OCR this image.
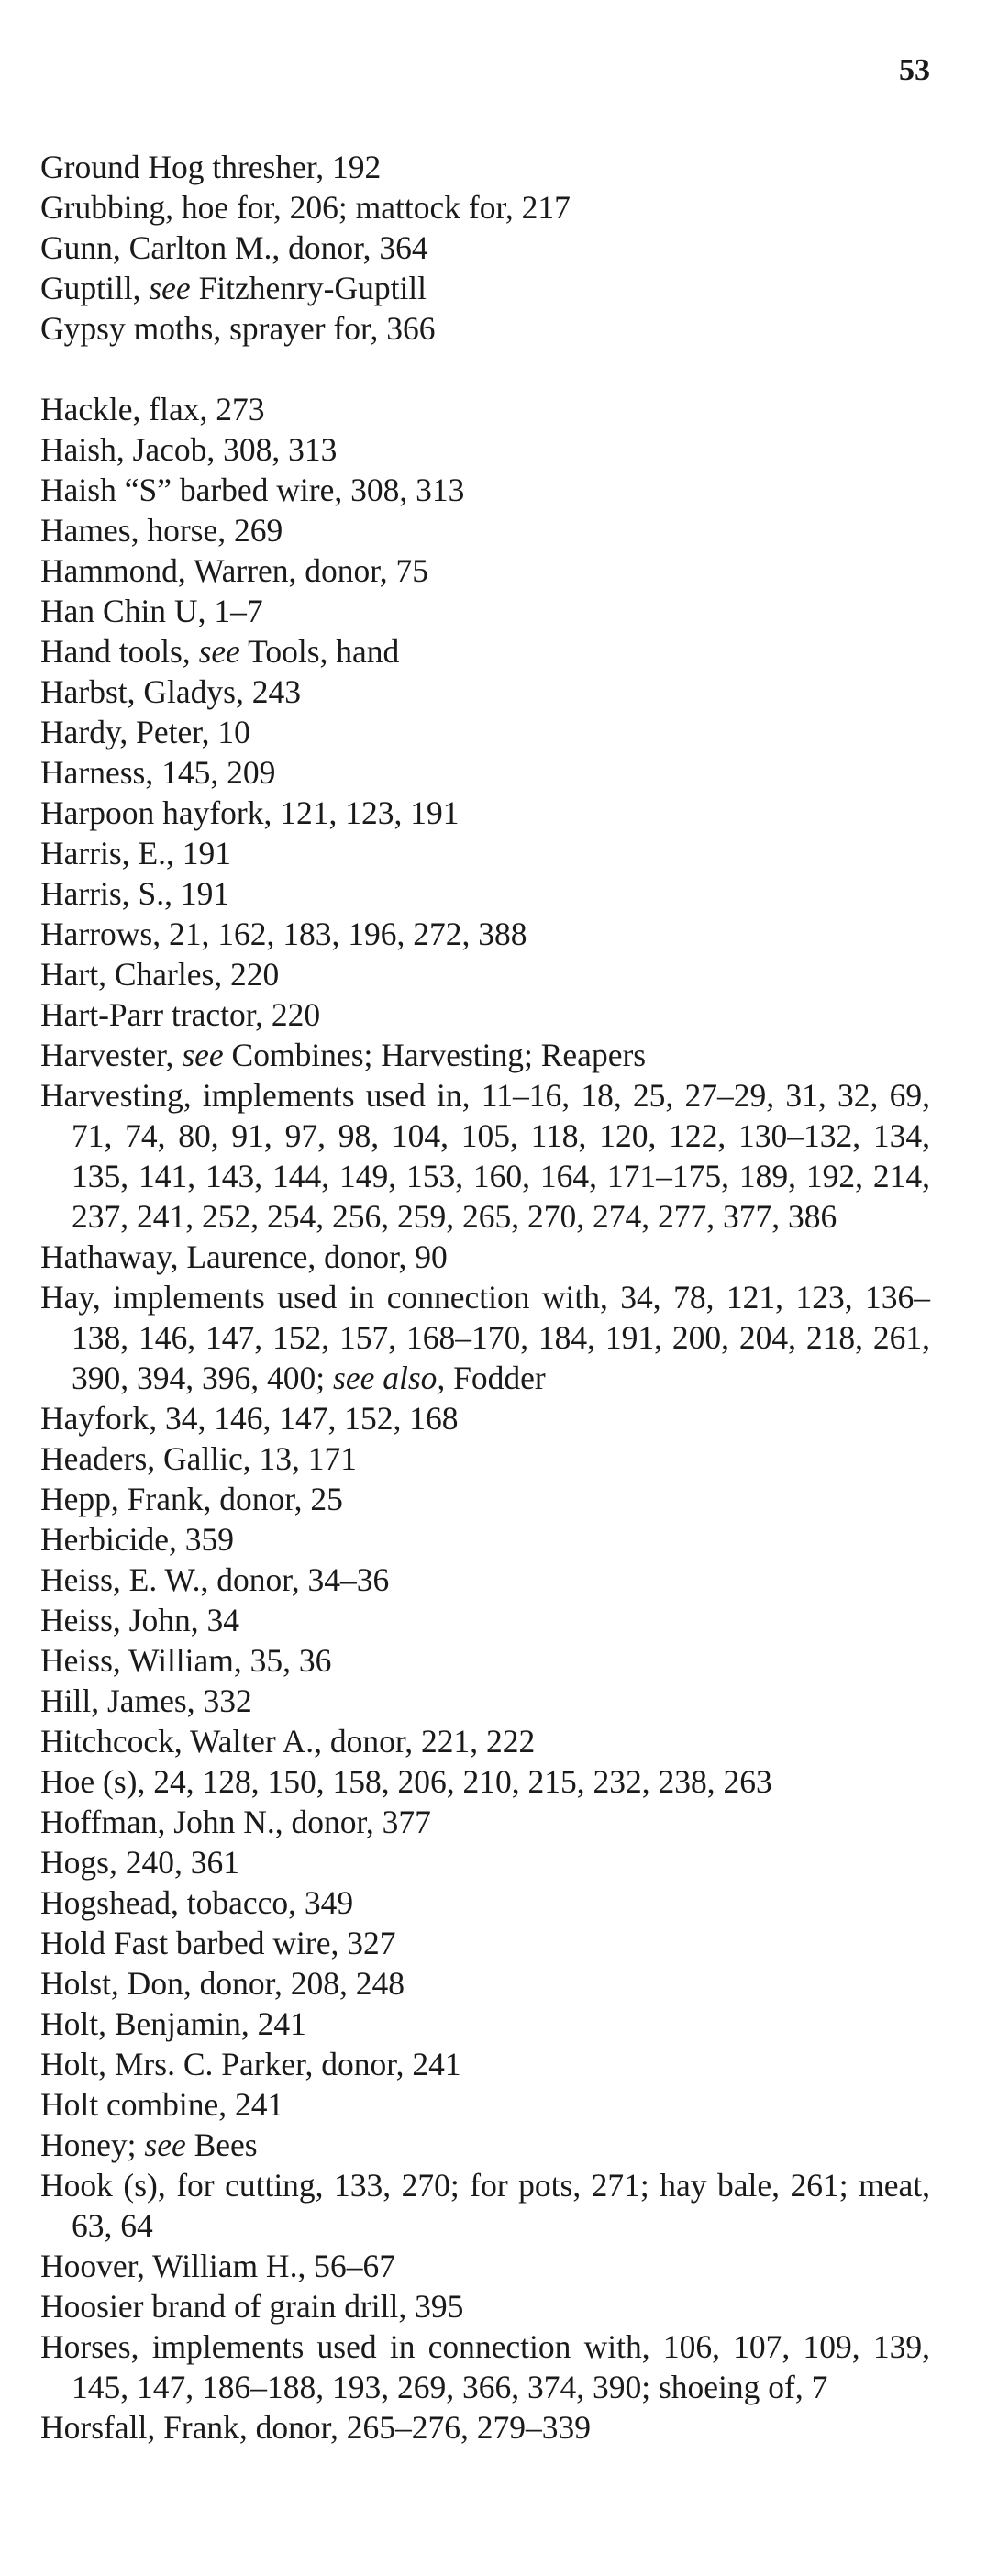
53
Ground Hog thresher, 192
Grubbing, hoe for, 206; mattock for, 217
Gunn, Carlton M., donor, 364
Guptill, see Fitzhenry-Guptill
Gypsy moths, sprayer for, 366
Hackle, flax, 273
Haish, Jacob, 308, 313
Haish “S” barbed wire, 308, 313
Hames, horse, 269
Hammond, Warren, donor, 75
Han Chin U, 1–7
Hand tools, see Tools, hand
Harbst, Gladys, 243
Hardy, Peter, 10
Harness, 145, 209
Harpoon hayfork, 121, 123, 191
Harris, E., 191
Harris, S., 191
Harrows, 21, 162, 183, 196, 272, 388
Hart, Charles, 220
Hart-Parr tractor, 220
Harvester, see Combines; Harvesting; Reapers
Harvesting, implements used in, 11–16, 18, 25, 27–29, 31, 32, 69, 71, 74, 80, 91, 97, 98, 104, 105, 118, 120, 122, 130–132, 134, 135, 141, 143, 144, 149, 153, 160, 164, 171–175, 189, 192, 214, 237, 241, 252, 254, 256, 259, 265, 270, 274, 277, 377, 386
Hathaway, Laurence, donor, 90
Hay, implements used in connection with, 34, 78, 121, 123, 136–138, 146, 147, 152, 157, 168–170, 184, 191, 200, 204, 218, 261, 390, 394, 396, 400; see also, Fodder
Hayfork, 34, 146, 147, 152, 168
Headers, Gallic, 13, 171
Hepp, Frank, donor, 25
Herbicide, 359
Heiss, E. W., donor, 34–36
Heiss, John, 34
Heiss, William, 35, 36
Hill, James, 332
Hitchcock, Walter A., donor, 221, 222
Hoe (s), 24, 128, 150, 158, 206, 210, 215, 232, 238, 263
Hoffman, John N., donor, 377
Hogs, 240, 361
Hogshead, tobacco, 349
Hold Fast barbed wire, 327
Holst, Don, donor, 208, 248
Holt, Benjamin, 241
Holt, Mrs. C. Parker, donor, 241
Holt combine, 241
Honey; see Bees
Hook (s), for cutting, 133, 270; for pots, 271; hay bale, 261; meat, 63, 64
Hoover, William H., 56–67
Hoosier brand of grain drill, 395
Horses, implements used in connection with, 106, 107, 109, 139, 145, 147, 186–188, 193, 269, 366, 374, 390; shoeing of, 7
Horsfall, Frank, donor, 265–276, 279–339
